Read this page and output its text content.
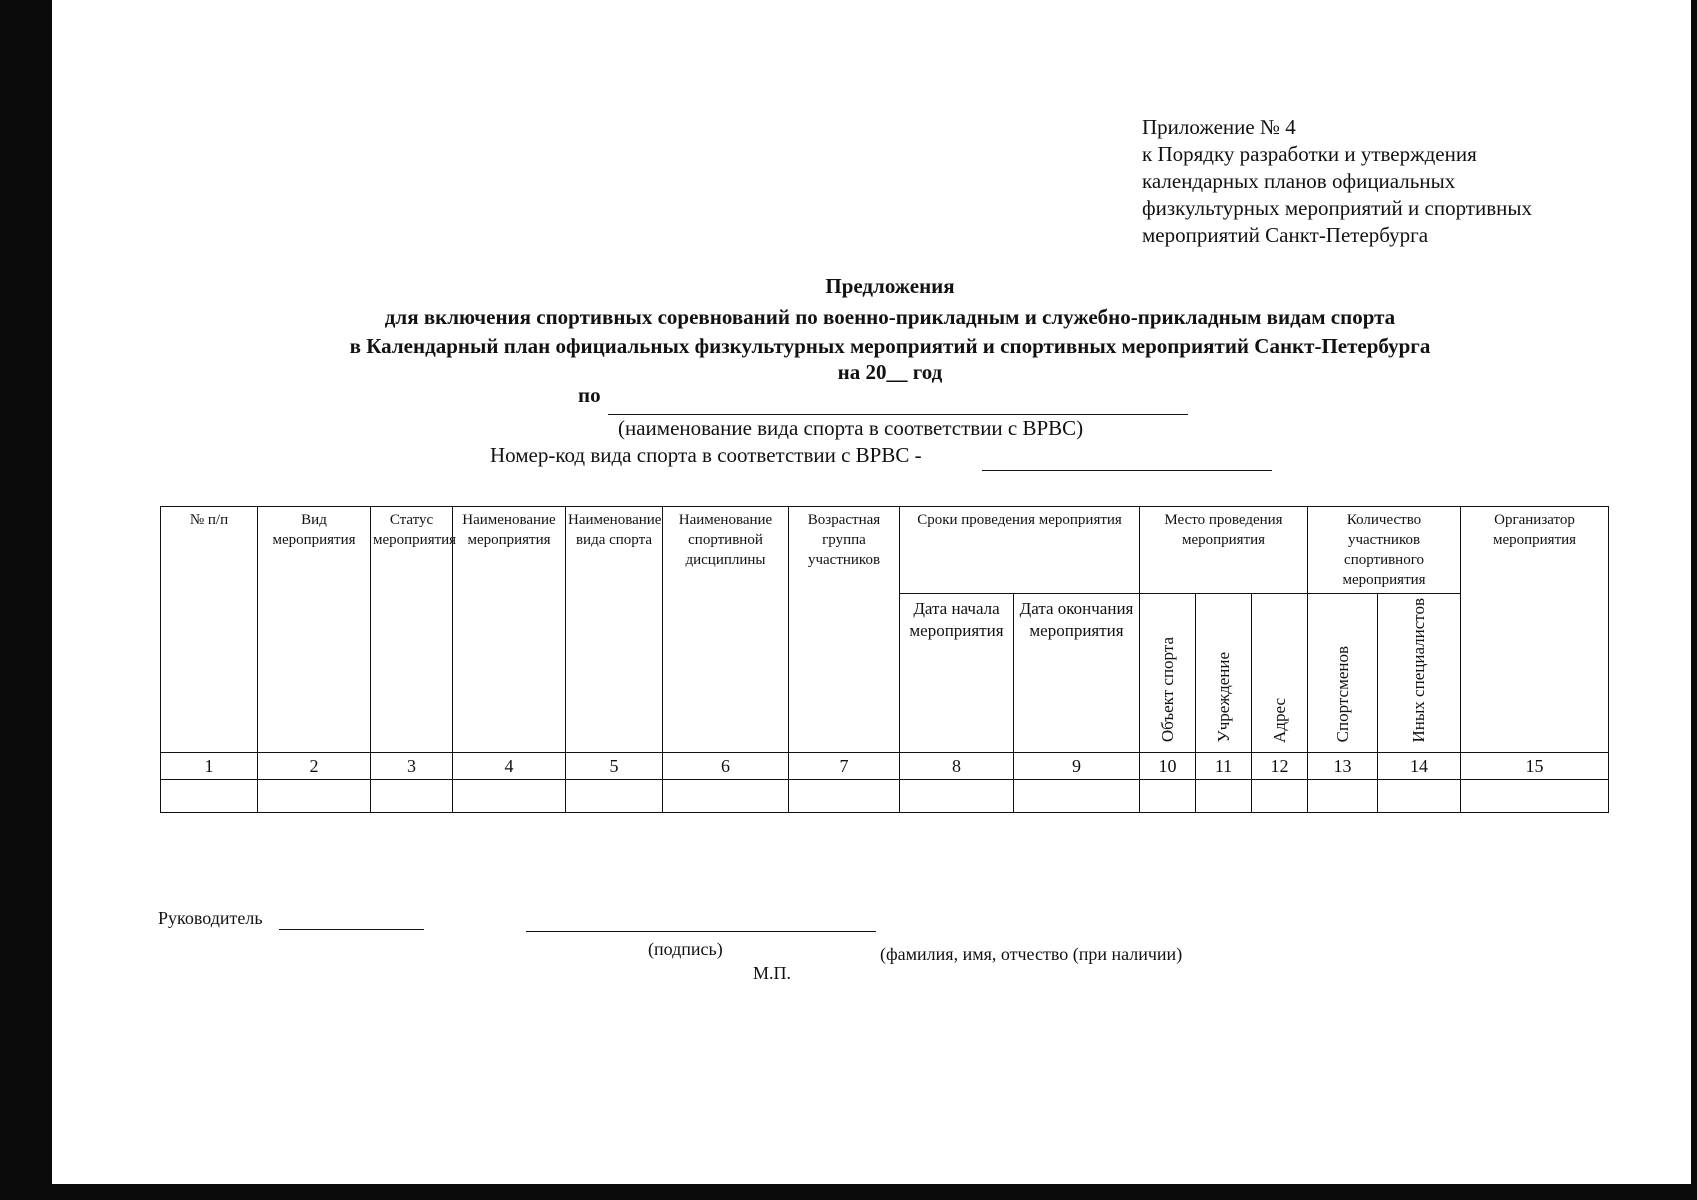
Приложение № 4
к Порядку разработки и утверждения
календарных планов официальных
физкультурных мероприятий и спортивных
мероприятий Санкт-Петербурга
Предложения
для включения спортивных соревнований по военно-прикладным и служебно-прикладным видам спорта
в Календарный план официальных физкультурных мероприятий и спортивных мероприятий Санкт-Петербурга
на 20__ год
по
(наименование вида спорта в соответствии с ВРВС)
Номер-код вида спорта в соответствии с ВРВС -
№ п/п	Вид мероприятия	Статус мероприятия	Наименование мероприятия	Наименование вида спорта	Наименование спортивной дисциплины	Возрастная группа участников	Сроки проведения мероприятия		Место проведения мероприятия			Количество участников спортивного мероприятия		Организатор мероприятия
							Дата начала мероприятия	Дата окончания мероприятия	Объект спорта	Учреждение	Адрес	Спортсменов	Иных специалистов	
1	2	3	4	5	6	7	8	9	10	11	12	13	14	15

Руководитель
(подпись)	(фамилия, имя, отчество (при наличии)
М.П.
